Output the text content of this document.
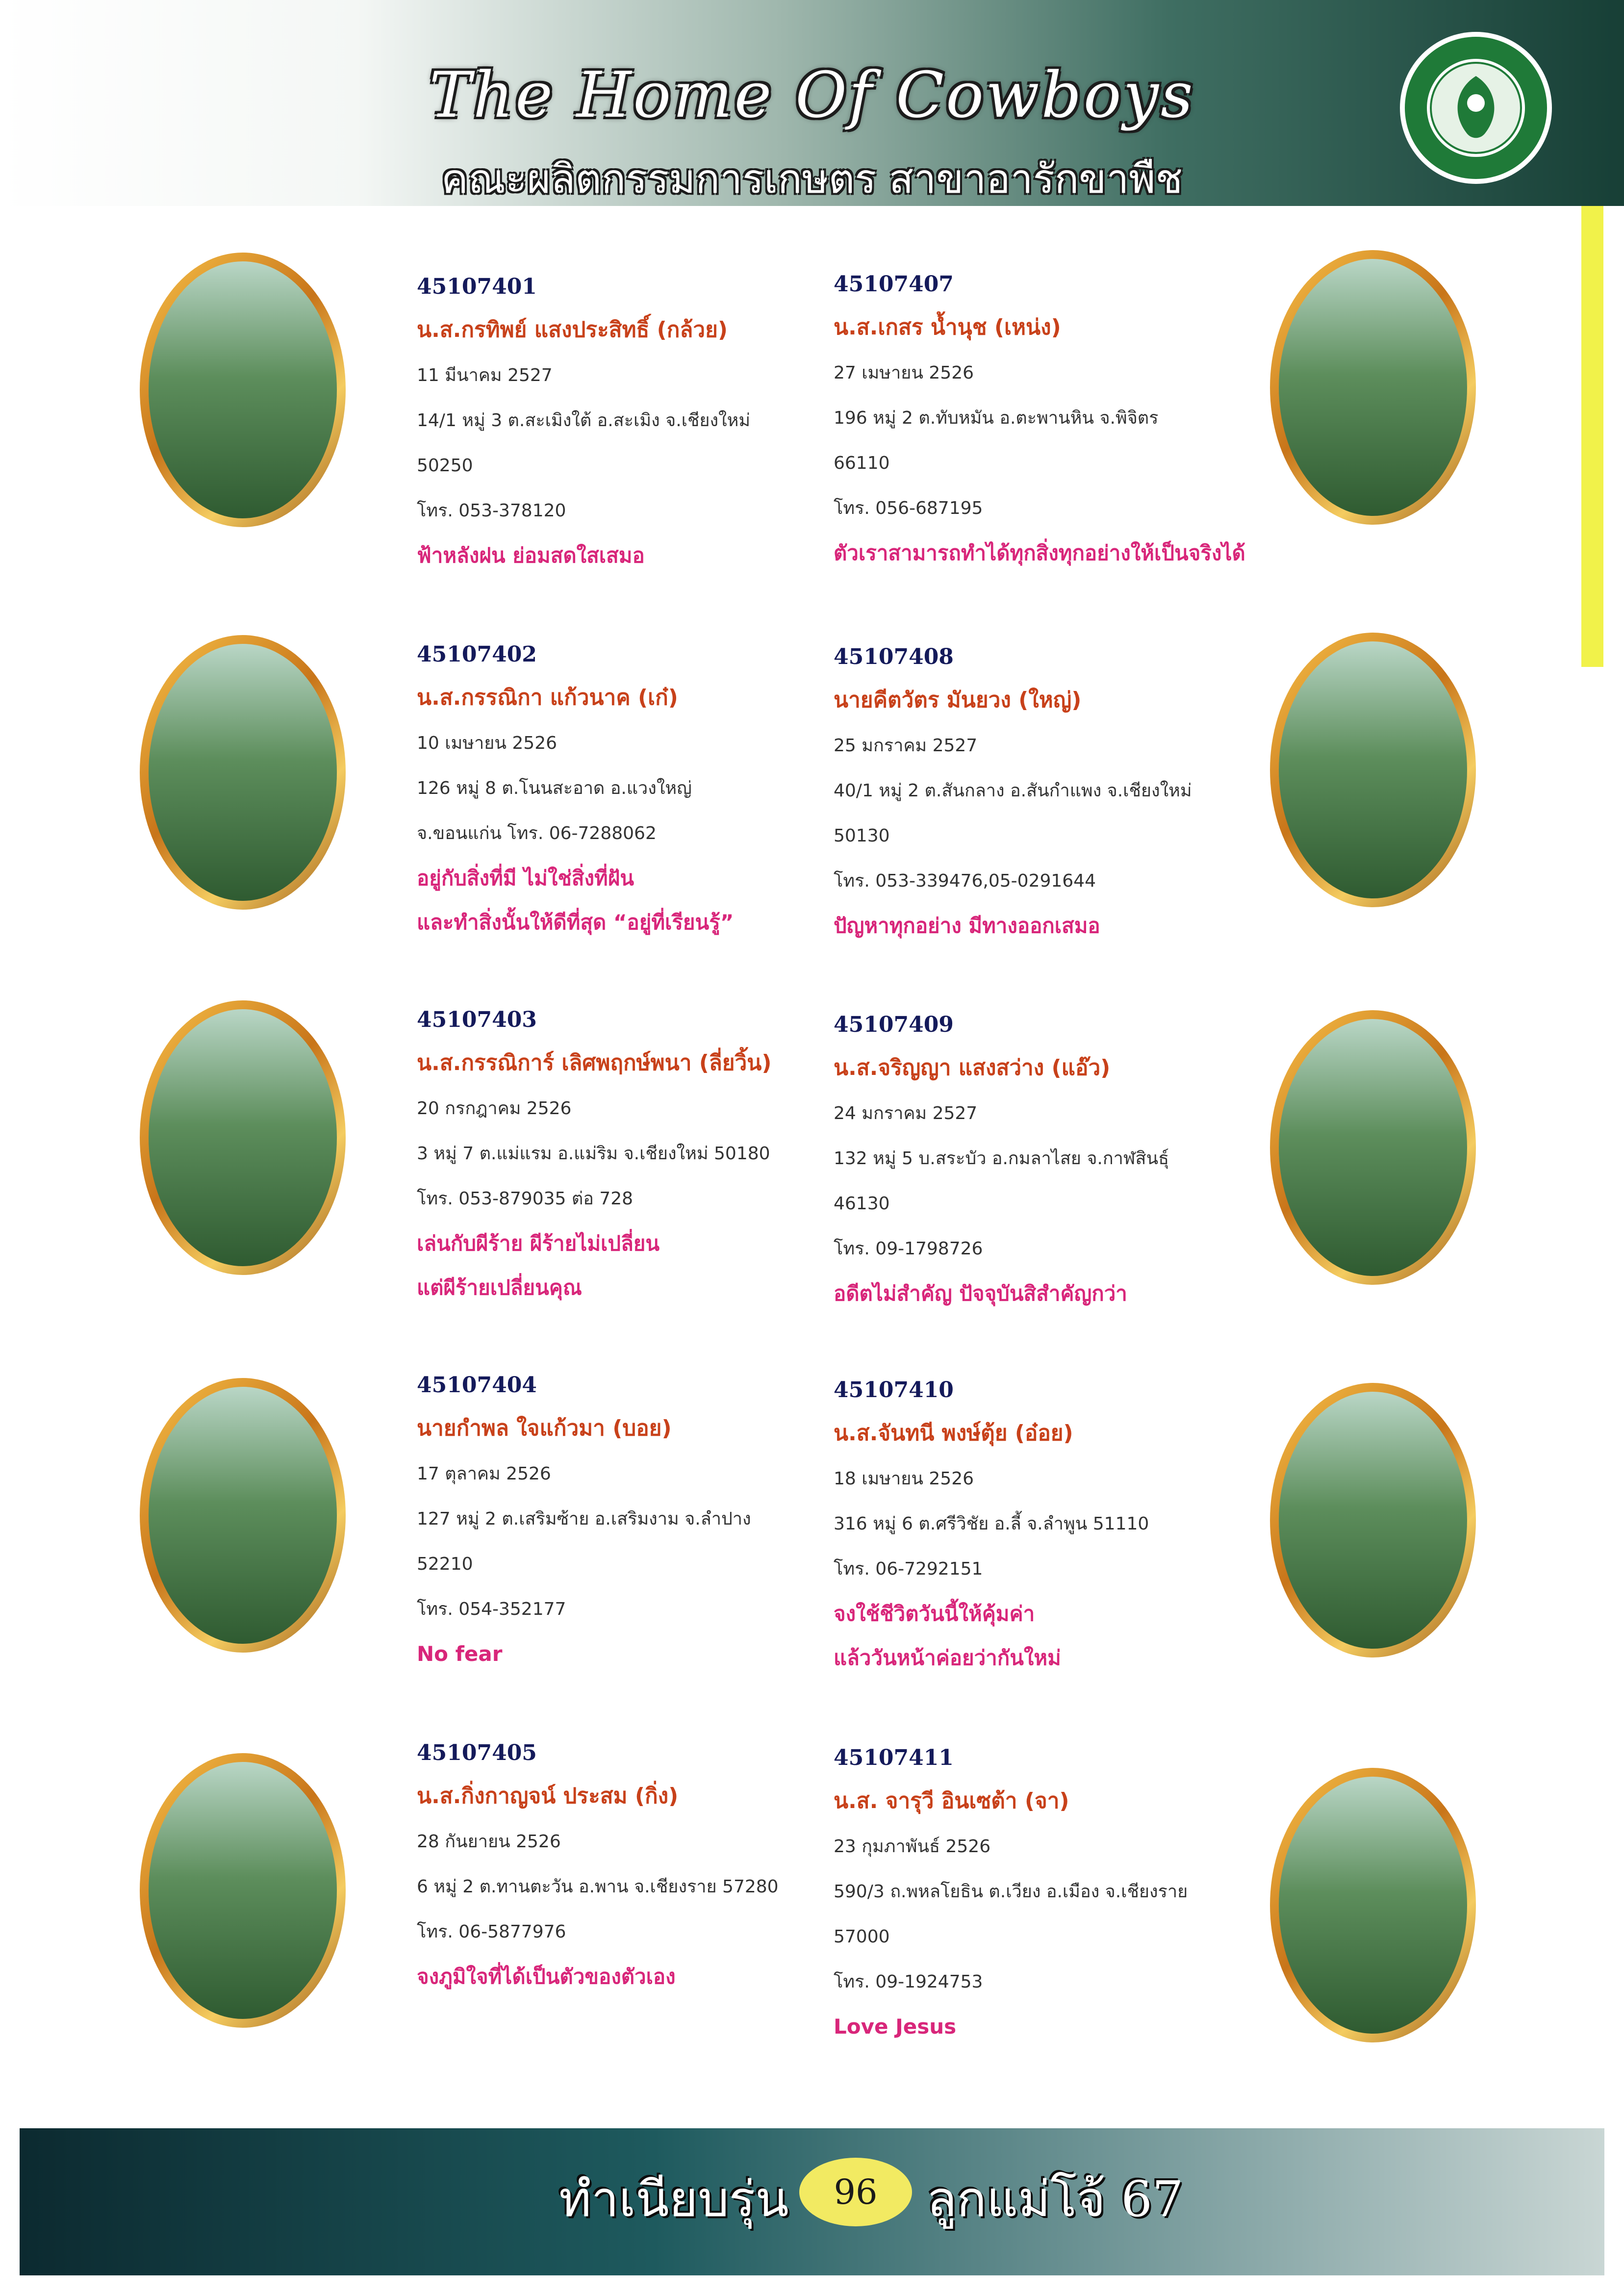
The Home Of Cowboys
คณะผลิตกรรมการเกษตร สาขาอารักขาพืช
45107401
น.ส.กรทิพย์ แสงประสิทธิ์ (กล้วย)
11 มีนาคม 2527
14/1 หมู่ 3 ต.สะเมิงใต้ อ.สะเมิง จ.เชียงใหม่
50250
โทร. 053-378120
ฟ้าหลังฝน ย่อมสดใสเสมอ
45107402
น.ส.กรรณิกา แก้วนาค (เก๋)
10 เมษายน 2526
126 หมู่ 8 ต.โนนสะอาด อ.แวงใหญ่
จ.ขอนแก่น โทร. 06-7288062
อยู่กับสิ่งที่มี ไม่ใช่สิ่งที่ฝัน
และทำสิ่งนั้นให้ดีที่สุด “อยู่ที่เรียนรู้”
45107403
น.ส.กรรณิการ์ เลิศพฤกษ์พนา (ลี่ยวิ้น)
20 กรกฎาคม 2526
3 หมู่ 7 ต.แม่แรม อ.แม่ริม จ.เชียงใหม่ 50180
โทร. 053-879035 ต่อ 728
เล่นกับผีร้าย ผีร้ายไม่เปลี่ยน
แต่ผีร้ายเปลี่ยนคุณ
45107404
นายกำพล ใจแก้วมา (บอย)
17 ตุลาคม 2526
127 หมู่ 2 ต.เสริมซ้าย อ.เสริมงาม จ.ลำปาง
52210
โทร. 054-352177
No fear
45107405
น.ส.กิ่งกาญจน์ ประสม (กิ่ง)
28 กันยายน 2526
6 หมู่ 2 ต.ทานตะวัน อ.พาน จ.เชียงราย 57280
โทร. 06-5877976
จงภูมิใจที่ได้เป็นตัวของตัวเอง
45107407
น.ส.เกสร น้ำนุช (เหน่ง)
27 เมษายน 2526
196 หมู่ 2 ต.ทับหมัน อ.ตะพานหิน จ.พิจิตร
66110
โทร. 056-687195
ตัวเราสามารถทำได้ทุกสิ่งทุกอย่างให้เป็นจริงได้
45107408
นายคีตวัตร มันยวง (ใหญ่)
25 มกราคม 2527
40/1 หมู่ 2 ต.สันกลาง อ.สันกำแพง จ.เชียงใหม่
50130
โทร. 053-339476,05-0291644
ปัญหาทุกอย่าง มีทางออกเสมอ
45107409
น.ส.จริญญา แสงสว่าง (แอ๊ว)
24 มกราคม 2527
132 หมู่ 5 บ.สระบัว อ.กมลาไสย จ.กาฬสินธุ์
46130
โทร. 09-1798726
อดีตไม่สำคัญ ปัจจุบันสิสำคัญกว่า
45107410
น.ส.จันทนี พงษ์ตุ้ย (อ๋อย)
18 เมษายน 2526
316 หมู่ 6 ต.ศรีวิชัย อ.ลี้ จ.ลำพูน 51110
โทร. 06-7292151
จงใช้ชีวิตวันนี้ให้คุ้มค่า
แล้ววันหน้าค่อยว่ากันใหม่
45107411
น.ส. จารุวี อินเซต้า (จา)
23 กุมภาพันธ์ 2526
590/3 ถ.พหลโยธิน ต.เวียง อ.เมือง จ.เชียงราย
57000
โทร. 09-1924753
Love Jesus
ทำเนียบรุ่น	96	ลูกแม่โจ้ 67
